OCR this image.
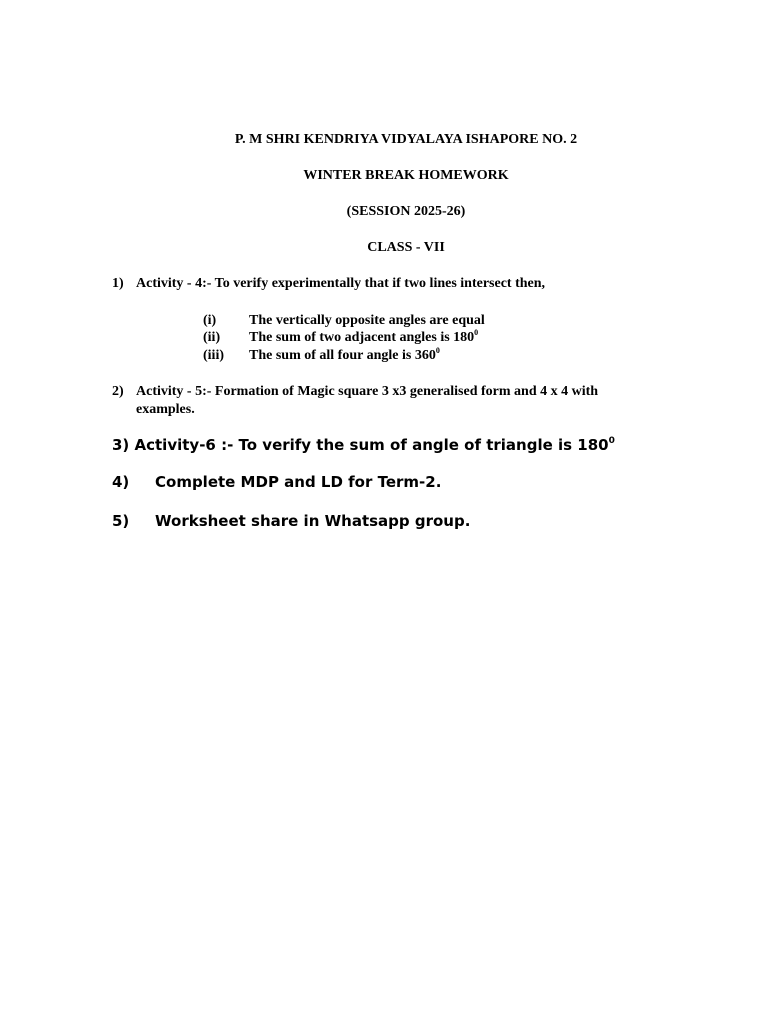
P. M SHRI KENDRIYA VIDYALAYA ISHAPORE NO. 2
WINTER BREAK HOMEWORK
(SESSION 2025-26)
CLASS - VII
1) Activity - 4:- To verify experimentally that if two lines intersect then,
(i) The vertically opposite angles are equal
(ii) The sum of two adjacent angles is $180^0$
(iii) The sum of all four angle is $360^0$
2) Activity - 5:- Formation of Magic square 3 x3 generalised form and 4 x 4 with
examples.
3) Activity-6 :- To verify the sum of angle of triangle is $180^0$
4) Complete MDP and LD for Term-2.
5) Worksheet share in Whatsapp group.
